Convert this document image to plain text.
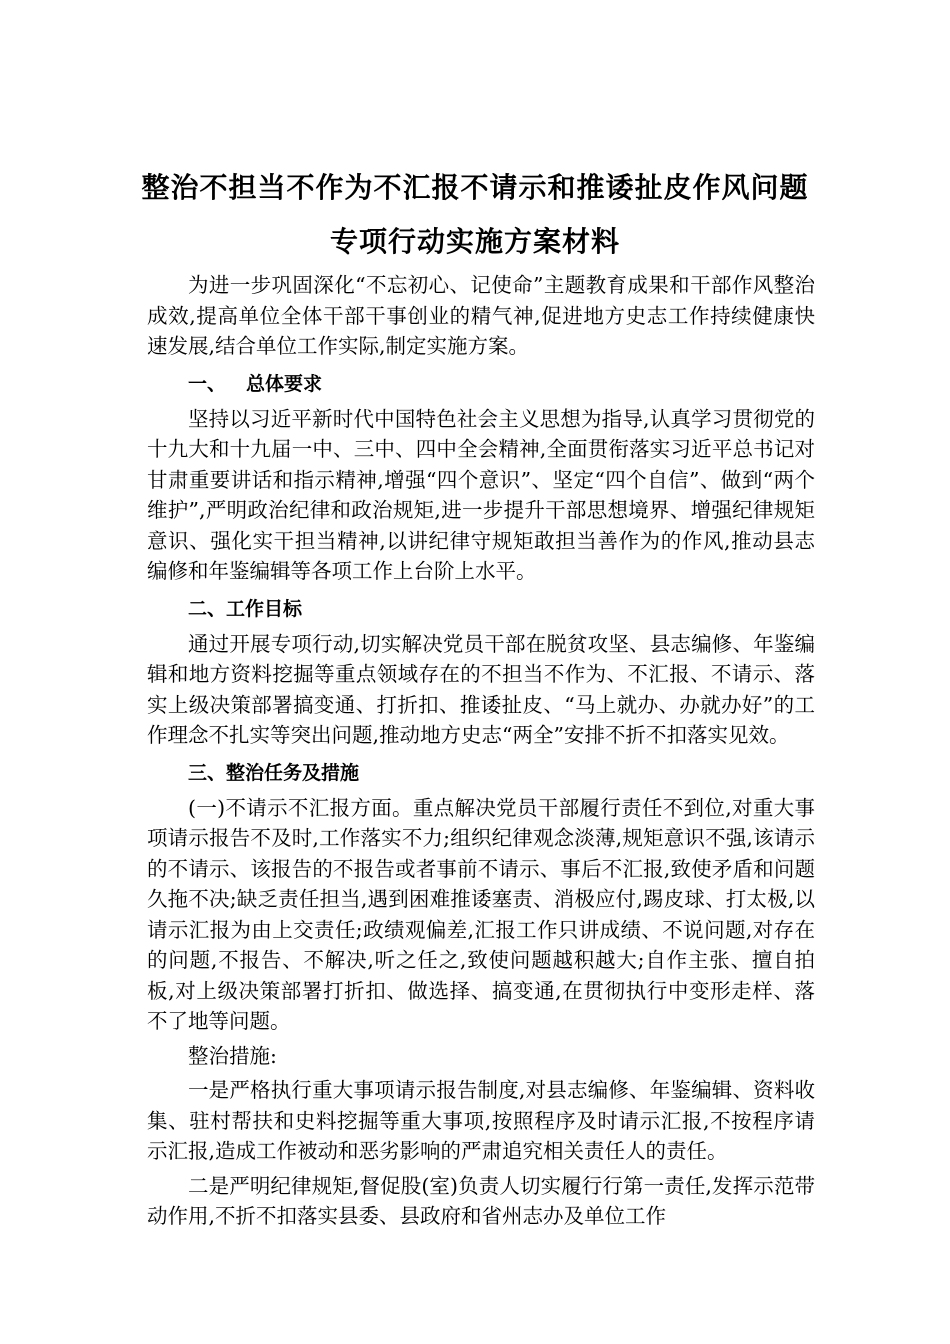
整治不担当不作为不汇报不请示和推诿扯皮作风问题
专项行动实施方案材料

为进一步巩固深化“不忘初心、记使命”主题教育成果和干部作风整治成效,提高单位全体干部干事创业的精气神,促进地方史志工作持续健康快速发展,结合单位工作实际,制定实施方案。

一、 总体要求

坚持以习近平新时代中国特色社会主义思想为指导,认真学习贯彻党的十九大和十九届一中、三中、四中全会精神,全面贯衔落实习近平总书记对甘肃重要讲话和指示精神,增强“四个意识”、坚定“四个自信”、做到“两个维护”,严明政治纪律和政治规矩,进一步提升干部思想境界、增强纪律规矩意识、强化实干担当精神,以讲纪律守规矩敢担当善作为的作风,推动县志编修和年鉴编辑等各项工作上台阶上水平。

二、工作目标

通过开展专项行动,切实解决党员干部在脱贫攻坚、县志编修、年鉴编辑和地方资料挖掘等重点领域存在的不担当不作为、不汇报、不请示、落实上级决策部署搞变通、打折扣、推诿扯皮、“马上就办、办就办好”的工作理念不扎实等突出问题,推动地方史志“两全”安排不折不扣落实见效。

三、整治任务及措施

(一)不请示不汇报方面。重点解决党员干部履行责任不到位,对重大事项请示报告不及时,工作落实不力;组织纪律观念淡薄,规矩意识不强,该请示的不请示、该报告的不报告或者事前不请示、事后不汇报,致使矛盾和问题久拖不决;缺乏责任担当,遇到困难推诿塞责、消极应付,踢皮球、打太极,以请示汇报为由上交责任;政绩观偏差,汇报工作只讲成绩、不说问题,对存在的问题,不报告、不解决,听之任之,致使问题越积越大;自作主张、擅自拍板,对上级决策部署打折扣、做选择、搞变通,在贯彻执行中变形走样、落不了地等问题。

整治措施:

一是严格执行重大事项请示报告制度,对县志编修、年鉴编辑、资料收集、驻村帮扶和史料挖掘等重大事项,按照程序及时请示汇报,不按程序请示汇报,造成工作被动和恶劣影响的严肃追究相关责任人的责任。

二是严明纪律规矩,督促股(室)负责人切实履行行第一责任,发挥示范带动作用,不折不扣落实县委、县政府和省州志办及单位工作
